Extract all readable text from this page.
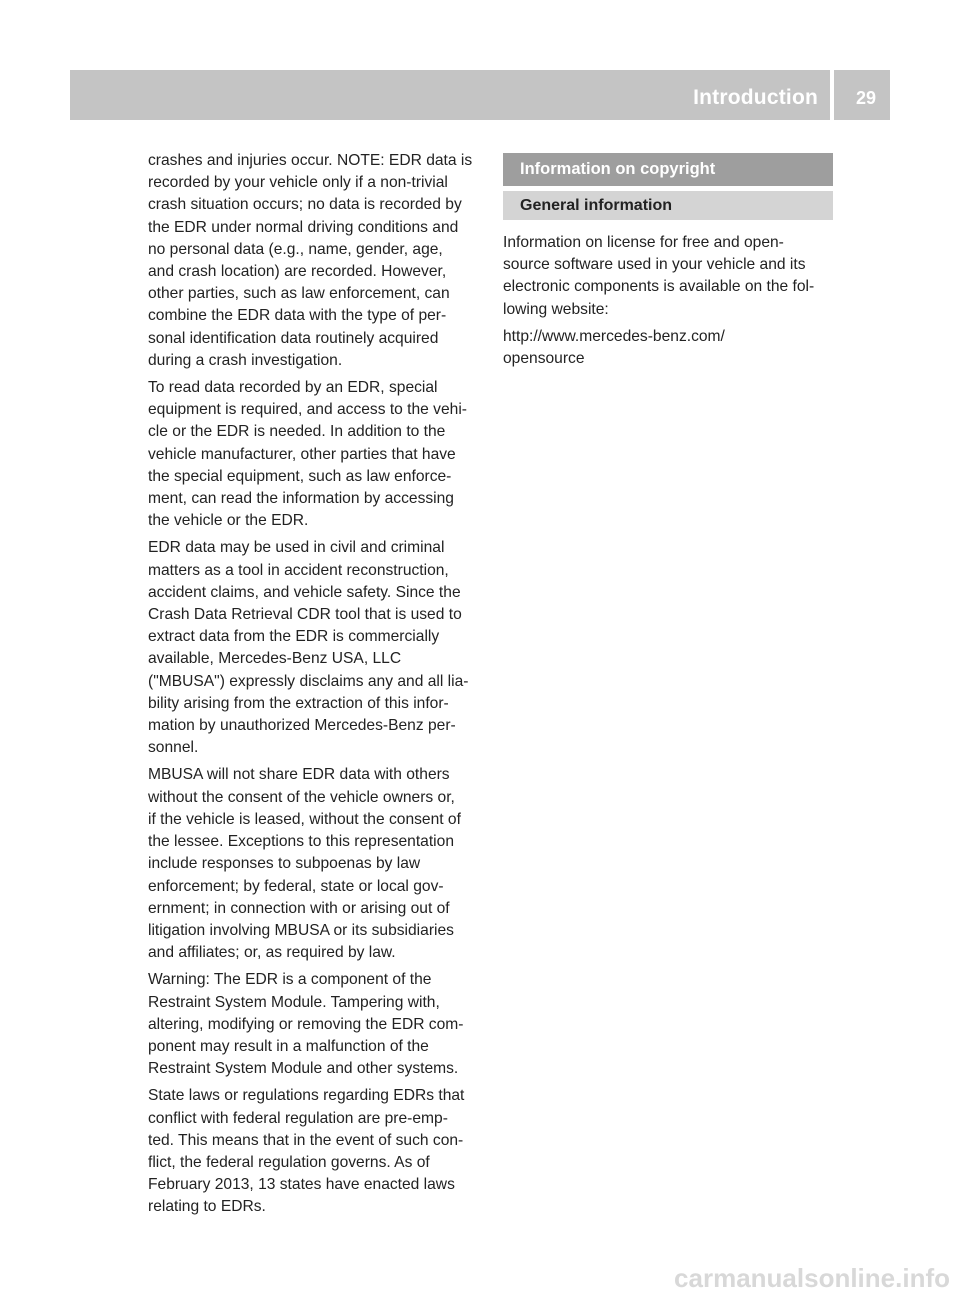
Introduction 29

crashes and injuries occur. NOTE: EDR data is
recorded by your vehicle only if a non-trivial
crash situation occurs; no data is recorded by
the EDR under normal driving conditions and
no personal data (e.g., name, gender, age,
and crash location) are recorded. However,
other parties, such as law enforcement, can
combine the EDR data with the type of per-
sonal identification data routinely acquired
during a crash investigation.

To read data recorded by an EDR, special
equipment is required, and access to the vehi-
cle or the EDR is needed. In addition to the
vehicle manufacturer, other parties that have
the special equipment, such as law enforce-
ment, can read the information by accessing
the vehicle or the EDR.

EDR data may be used in civil and criminal
matters as a tool in accident reconstruction,
accident claims, and vehicle safety. Since the
Crash Data Retrieval CDR tool that is used to
extract data from the EDR is commercially
available, Mercedes-Benz USA, LLC
("MBUSA") expressly disclaims any and all lia-
bility arising from the extraction of this infor-
mation by unauthorized Mercedes-Benz per-
sonnel.

MBUSA will not share EDR data with others
without the consent of the vehicle owners or,
if the vehicle is leased, without the consent of
the lessee. Exceptions to this representation
include responses to subpoenas by law
enforcement; by federal, state or local gov-
ernment; in connection with or arising out of
litigation involving MBUSA or its subsidiaries
and affiliates; or, as required by law.

Warning: The EDR is a component of the
Restraint System Module. Tampering with,
altering, modifying or removing the EDR com-
ponent may result in a malfunction of the
Restraint System Module and other systems.

State laws or regulations regarding EDRs that
conflict with federal regulation are pre-emp-
ted. This means that in the event of such con-
flict, the federal regulation governs. As of
February 2013, 13 states have enacted laws
relating to EDRs.

Information on copyright
General information

Information on license for free and open-
source software used in your vehicle and its
electronic components is available on the fol-
lowing website:

http://www.mercedes-benz.com/
opensource

carmanualsonline.info
